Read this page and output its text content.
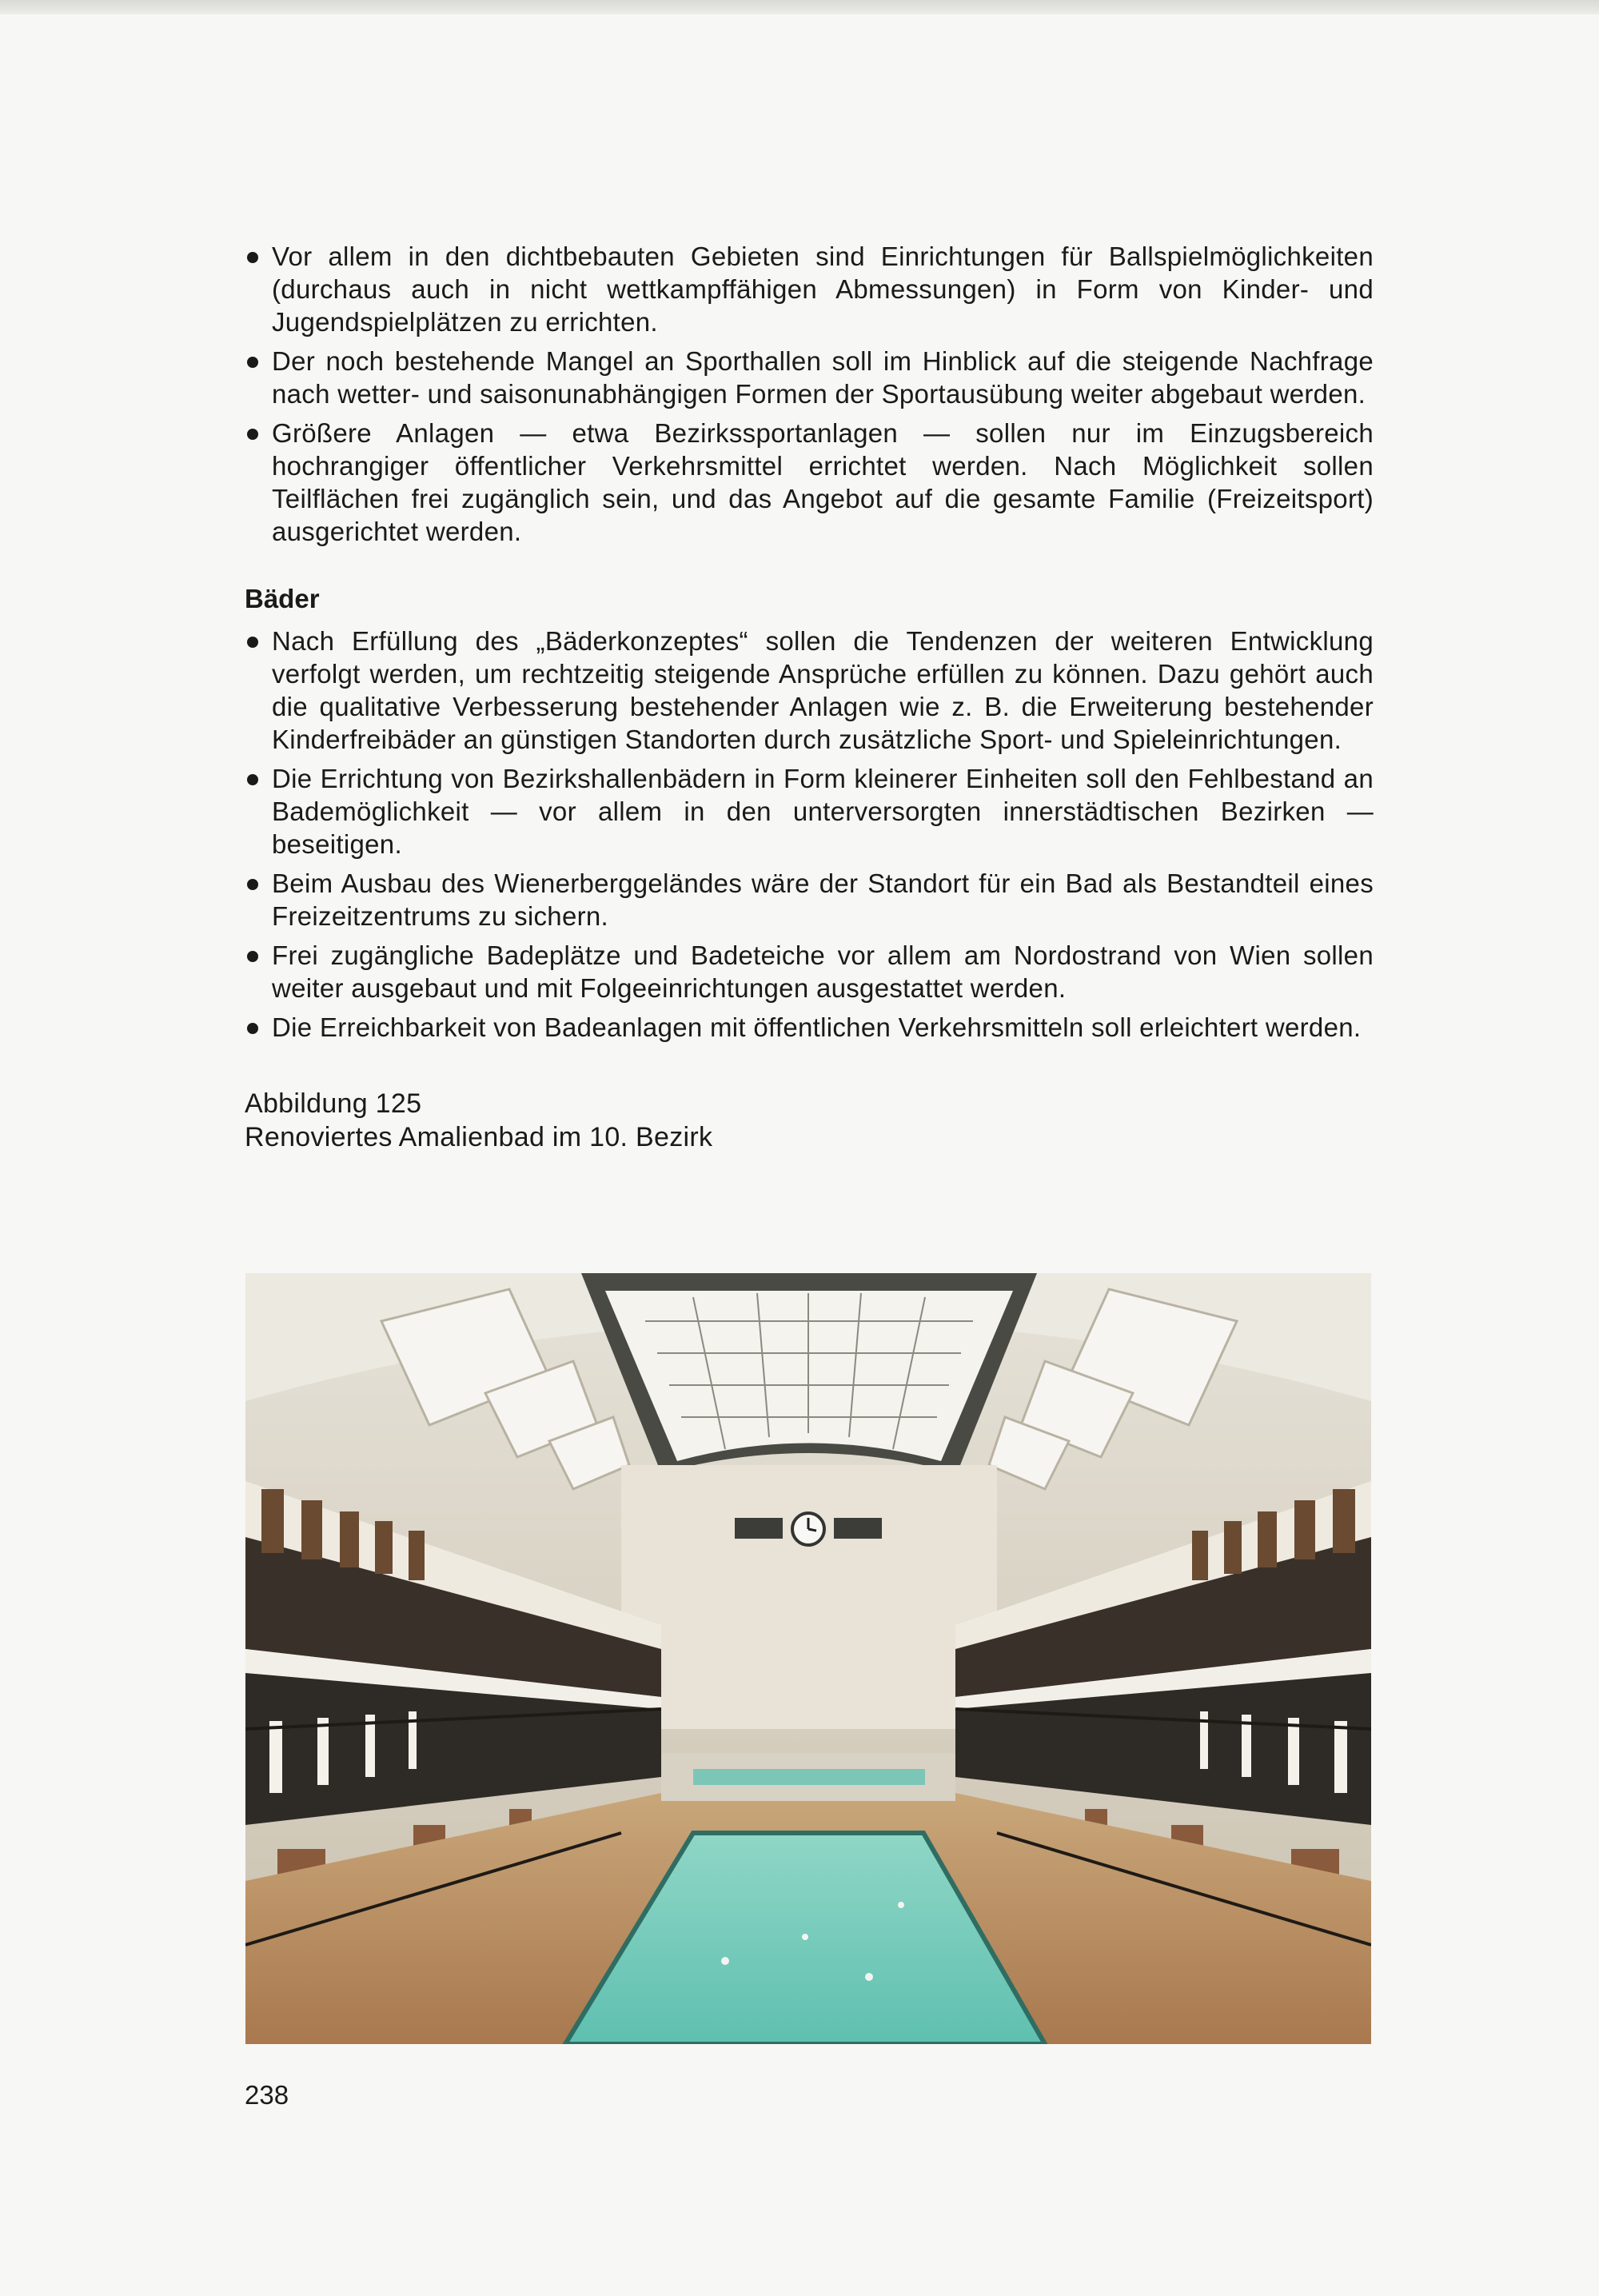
Vor allem in den dichtbebauten Gebieten sind Einrichtungen für Ballspielmöglichkeiten (durchaus auch in nicht wettkampffähigen Abmessungen) in Form von Kinder- und Jugendspielplätzen zu errichten.
Der noch bestehende Mangel an Sporthallen soll im Hinblick auf die steigende Nachfrage nach wetter- und saisonunabhängigen Formen der Sportausübung weiter abgebaut werden.
Größere Anlagen — etwa Bezirkssportanlagen — sollen nur im Einzugsbereich hochrangiger öffentlicher Verkehrsmittel errichtet werden. Nach Möglichkeit sollen Teilflächen frei zugänglich sein, und das Angebot auf die gesamte Familie (Freizeitsport) ausgerichtet werden.
Bäder
Nach Erfüllung des „Bäderkonzeptes“ sollen die Tendenzen der weiteren Entwicklung verfolgt werden, um rechtzeitig steigende Ansprüche erfüllen zu können. Dazu gehört auch die qualitative Verbesserung bestehender Anlagen wie z. B. die Erweiterung bestehender Kinderfreibäder an günstigen Standorten durch zusätzliche Sport- und Spieleinrichtungen.
Die Errichtung von Bezirkshallenbädern in Form kleinerer Einheiten soll den Fehlbestand an Bademöglichkeit — vor allem in den unterversorgten innerstädtischen Bezirken — beseitigen.
Beim Ausbau des Wienerberggeländes wäre der Standort für ein Bad als Bestandteil eines Freizeitzentrums zu sichern.
Frei zugängliche Badeplätze und Badeteiche vor allem am Nordostrand von Wien sollen weiter ausgebaut und mit Folgeeinrichtungen ausgestattet werden.
Die Erreichbarkeit von Badeanlagen mit öffentlichen Verkehrsmitteln soll erleichtert werden.
Abbildung 125
Renoviertes Amalienbad im 10. Bezirk
238
